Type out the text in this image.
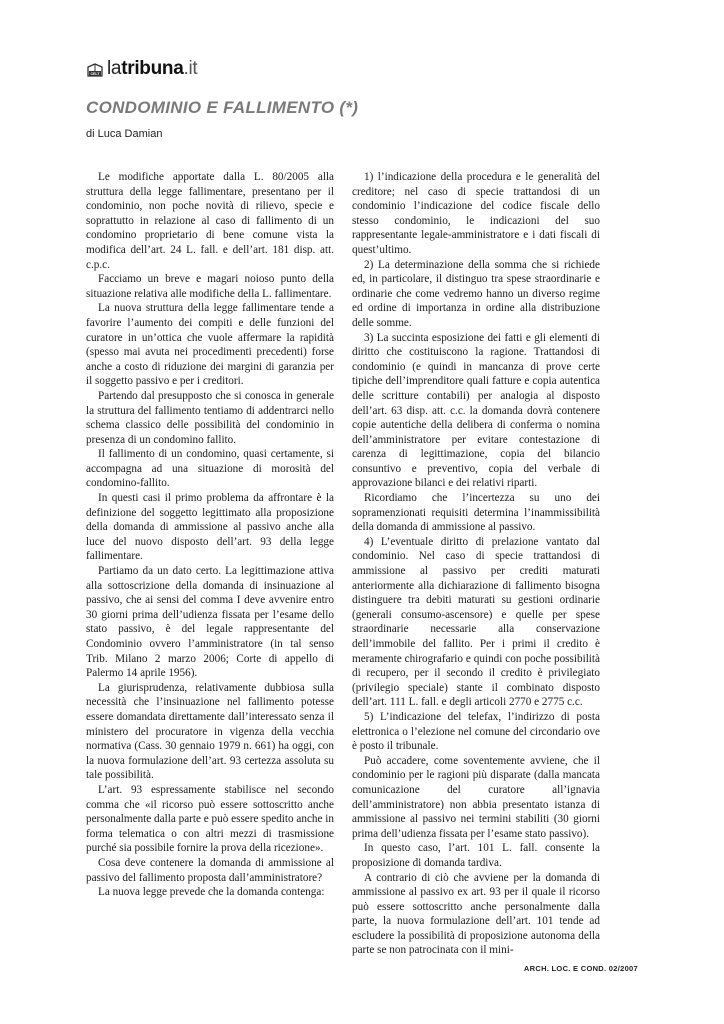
CELT latribuna.it
CONDOMINIO E FALLIMENTO (*)
di Luca Damian

Le modifiche apportate dalla L. 80/2005 alla struttura della legge fallimentare, presentano per il condominio, non poche novità di rilievo, specie e soprattutto in relazione al caso di fallimento di un condomino proprietario di bene comune vista la modifica dell’art. 24 L. fall. e dell’art. 181 disp. att. c.p.c.

Facciamo un breve e magari noioso punto della situazione relativa alle modifiche della L. fallimentare.

La nuova struttura della legge fallimentare tende a favorire l’aumento dei compiti e delle funzioni del curatore in un’ottica che vuole affermare la rapidità (spesso mai avuta nei procedimenti precedenti) forse anche a costo di riduzione dei margini di garanzia per il soggetto passivo e per i creditori.

Partendo dal presupposto che si conosca in generale la struttura del fallimento tentiamo di addentrarci nello schema classico delle possibilità del condominio in presenza di un condomino fallito.

Il fallimento di un condomino, quasi certamente, si accompagna ad una situazione di morosità del condomino-fallito.

In questi casi il primo problema da affrontare è la definizione del soggetto legittimato alla proposizione della domanda di ammissione al passivo anche alla luce del nuovo disposto dell’art. 93 della legge fallimentare.

Partiamo da un dato certo. La legittimazione attiva alla sottoscrizione della domanda di insinuazione al passivo, che ai sensi del comma I deve avvenire entro 30 giorni prima dell’udienza fissata per l’esame dello stato passivo, è del legale rappresentante del Condominio ovvero l’amministratore (in tal senso Trib. Milano 2 marzo 2006; Corte di appello di Palermo 14 aprile 1956).

La giurisprudenza, relativamente dubbiosa sulla necessità che l’insinuazione nel fallimento potesse essere domandata direttamente dall’interessato senza il ministero del procuratore in vigenza della vecchia normativa (Cass. 30 gennaio 1979 n. 661) ha oggi, con la nuova formulazione dell’art. 93 certezza assoluta su tale possibilità.

L’art. 93 espressamente stabilisce nel secondo comma che «il ricorso può essere sottoscritto anche personalmente dalla parte e può essere spedito anche in forma telematica o con altri mezzi di trasmissione purché sia possibile fornire la prova della ricezione».

Cosa deve contenere la domanda di ammissione al passivo del fallimento proposta dall’amministratore?

La nuova legge prevede che la domanda contenga:

1) l’indicazione della procedura e le generalità del creditore; nel caso di specie trattandosi di un condominio l’indicazione del codice fiscale dello stesso condominio, le indicazioni del suo rappresentante legale-amministratore e i dati fiscali di quest’ultimo.

2) La determinazione della somma che si richiede ed, in particolare, il distinguo tra spese straordinarie e ordinarie che come vedremo hanno un diverso regime ed ordine di importanza in ordine alla distribuzione delle somme.

3) La succinta esposizione dei fatti e gli elementi di diritto che costituiscono la ragione. Trattandosi di condominio (e quindi in mancanza di prove certe tipiche dell’imprenditore quali fatture e copia autentica delle scritture contabili) per analogia al disposto dell’art. 63 disp. att. c.c. la domanda dovrà contenere copie autentiche della delibera di conferma o nomina dell’amministratore per evitare contestazione di carenza di legittimazione, copia del bilancio consuntivo e preventivo, copia del verbale di approvazione bilanci e dei relativi riparti.

Ricordiamo che l’incertezza su uno dei sopramenzionati requisiti determina l’inammissibilità della domanda di ammissione al passivo.

4) L’eventuale diritto di prelazione vantato dal condominio. Nel caso di specie trattandosi di ammissione al passivo per crediti maturati anteriormente alla dichiarazione di fallimento bisogna distinguere tra debiti maturati su gestioni ordinarie (generali consumo-ascensore) e quelle per spese straordinarie necessarie alla conservazione dell’immobile del fallito. Per i primi il credito è meramente chirografario e quindi con poche possibilità di recupero, per il secondo il credito è privilegiato (privilegio speciale) stante il combinato disposto dell’art. 111 L. fall. e degli articoli 2770 e 2775 c.c.

5) L’indicazione del telefax, l’indirizzo di posta elettronica o l’elezione nel comune del circondario ove è posto il tribunale.

Può accadere, come soventemente avviene, che il condominio per le ragioni più disparate (dalla mancata comunicazione del curatore all’ignavia dell’amministratore) non abbia presentato istanza di ammissione al passivo nei termini stabiliti (30 giorni prima dell’udienza fissata per l’esame stato passivo).

In questo caso, l’art. 101 L. fall. consente la proposizione di domanda tardiva.

A contrario di ciò che avviene per la domanda di ammissione al passivo ex art. 93 per il quale il ricorso può essere sottoscritto anche personalmente dalla parte, la nuova formulazione dell’art. 101 tende ad escludere la possibilità di proposizione autonoma della parte se non patrocinata con il mini-

ARCH. LOC. E COND. 02/2007
